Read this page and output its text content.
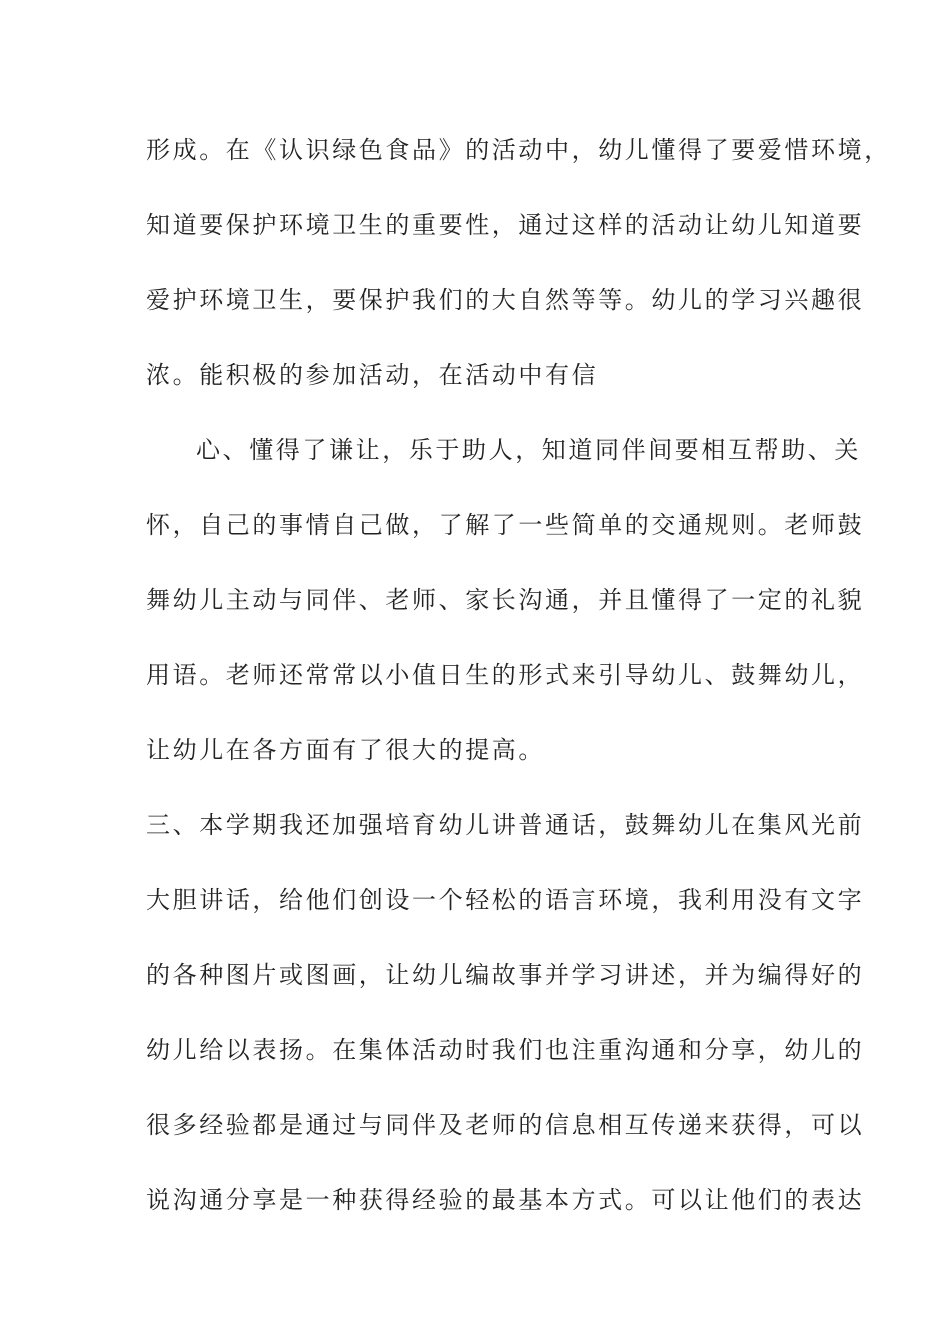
形成。在《认识绿色食品》的活动中，幼儿懂得了要爱惜环境，
知道要保护环境卫生的重要性，通过这样的活动让幼儿知道要
爱护环境卫生，要保护我们的大自然等等。幼儿的学习兴趣很
浓。能积极的参加活动，在活动中有信
心、懂得了谦让，乐于助人，知道同伴间要相互帮助、关
怀，自己的事情自己做，了解了一些简单的交通规则。老师鼓
舞幼儿主动与同伴、老师、家长沟通，并且懂得了一定的礼貌
用语。老师还常常以小值日生的形式来引导幼儿、鼓舞幼儿，
让幼儿在各方面有了很大的提高。
三、本学期我还加强培育幼儿讲普通话，鼓舞幼儿在集风光前
大胆讲话，给他们创设一个轻松的语言环境，我利用没有文字
的各种图片或图画，让幼儿编故事并学习讲述，并为编得好的
幼儿给以表扬。在集体活动时我们也注重沟通和分享，幼儿的
很多经验都是通过与同伴及老师的信息相互传递来获得，可以
说沟通分享是一种获得经验的最基本方式。可以让他们的表达
